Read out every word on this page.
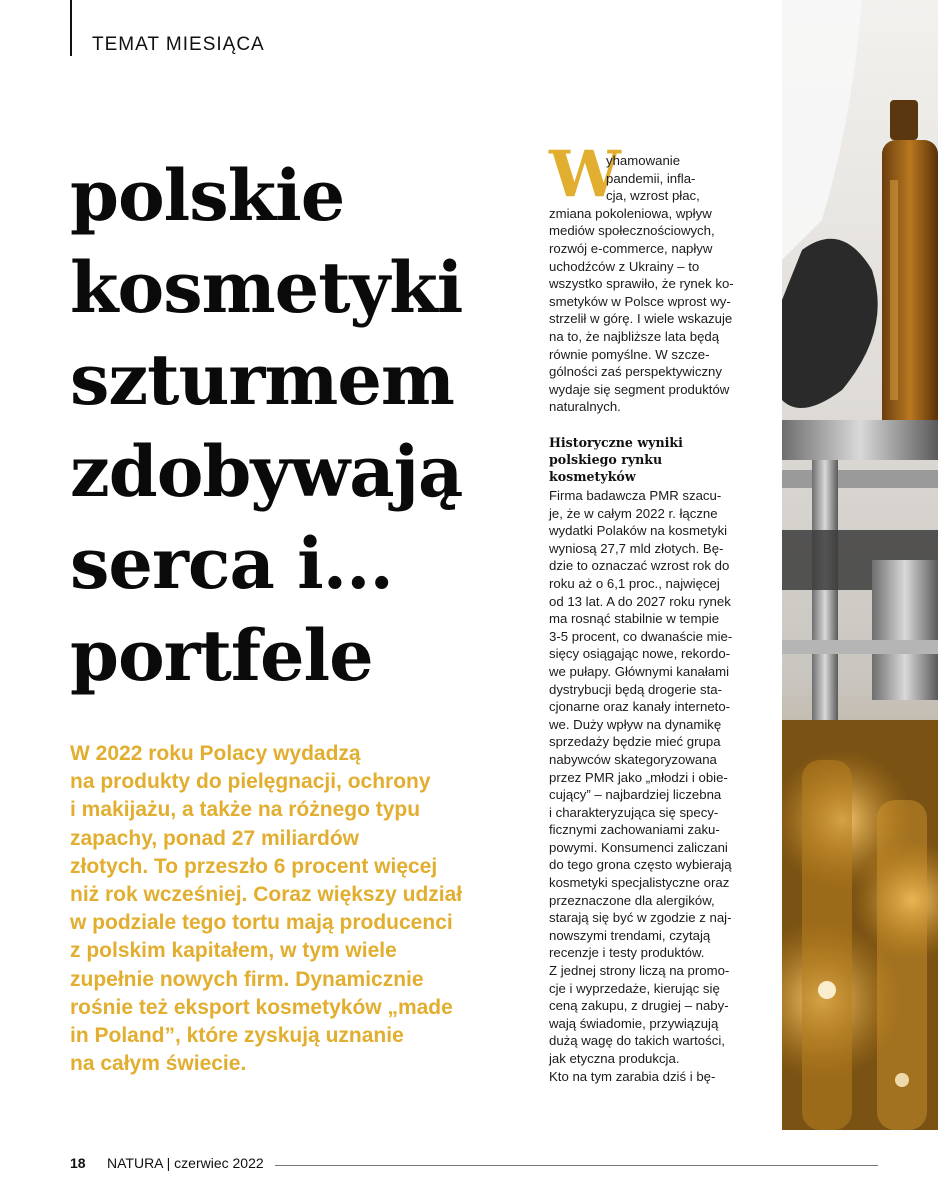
TEMAT MIESIĄCA
polskie
kosmetyki
szturmem
zdobywają
serca i...
portfele

W 2022 roku Polacy wydadzą
na produkty do pielęgnacji, ochrony
i makijażu, a także na różnego typu
zapachy, ponad 27 miliardów
złotych. To przeszło 6 procent więcej
niż rok wcześniej. Coraz większy udział
w podziale tego tortu mają producenci
z polskim kapitałem, w tym wiele
zupełnie nowych firm. Dynamicznie
rośnie też eksport kosmetyków „made
in Poland”, które zyskują uznanie
na całym świecie.

W
yhamowanie
pandemii, infla-
cja, wzrost płac,
zmiana pokoleniowa, wpływ
mediów społecznościowych,
rozwój e-commerce, napływ
uchodźców z Ukrainy – to
wszystko sprawiło, że rynek ko-
smetyków w Polsce wprost wy-
strzelił w górę. I wiele wskazuje
na to, że najbliższe lata będą
równie pomyślne. W szcze-
gólności zaś perspektywiczny
wydaje się segment produktów
naturalnych.
Historyczne wyniki
polskiego rynku
kosmetyków
Firma badawcza PMR szacu-
je, że w całym 2022 r. łączne
wydatki Polaków na kosmetyki
wyniosą 27,7 mld złotych. Bę-
dzie to oznaczać wzrost rok do
roku aż o 6,1 proc., najwięcej
od 13 lat. A do 2027 roku rynek
ma rosnąć stabilnie w tempie
3-5 procent, co dwanaście mie-
sięcy osiągając nowe, rekordo-
we pułapy. Głównymi kanałami
dystrybucji będą drogerie sta-
cjonarne oraz kanały interneto-
we. Duży wpływ na dynamikę
sprzedaży będzie mieć grupa
nabywców skategoryzowana
przez PMR jako „młodzi i obie-
cujący” – najbardziej liczebna
i charakteryzująca się specy-
ficznymi zachowaniami zaku-
powymi. Konsumenci zaliczani
do tego grona często wybierają
kosmetyki specjalistyczne oraz
przeznaczone dla alergików,
starają się być w zgodzie z naj-
nowszymi trendami, czytają
recenzje i testy produktów.
Z jednej strony liczą na promo-
cje i wyprzedaże, kierując się
ceną zakupu, z drugiej – naby-
wają świadomie, przywiązują
dużą wagę do takich wartości,
jak etyczna produkcja.
Kto na tym zarabia dziś i bę-
18 NATURA | czerwiec 2022
